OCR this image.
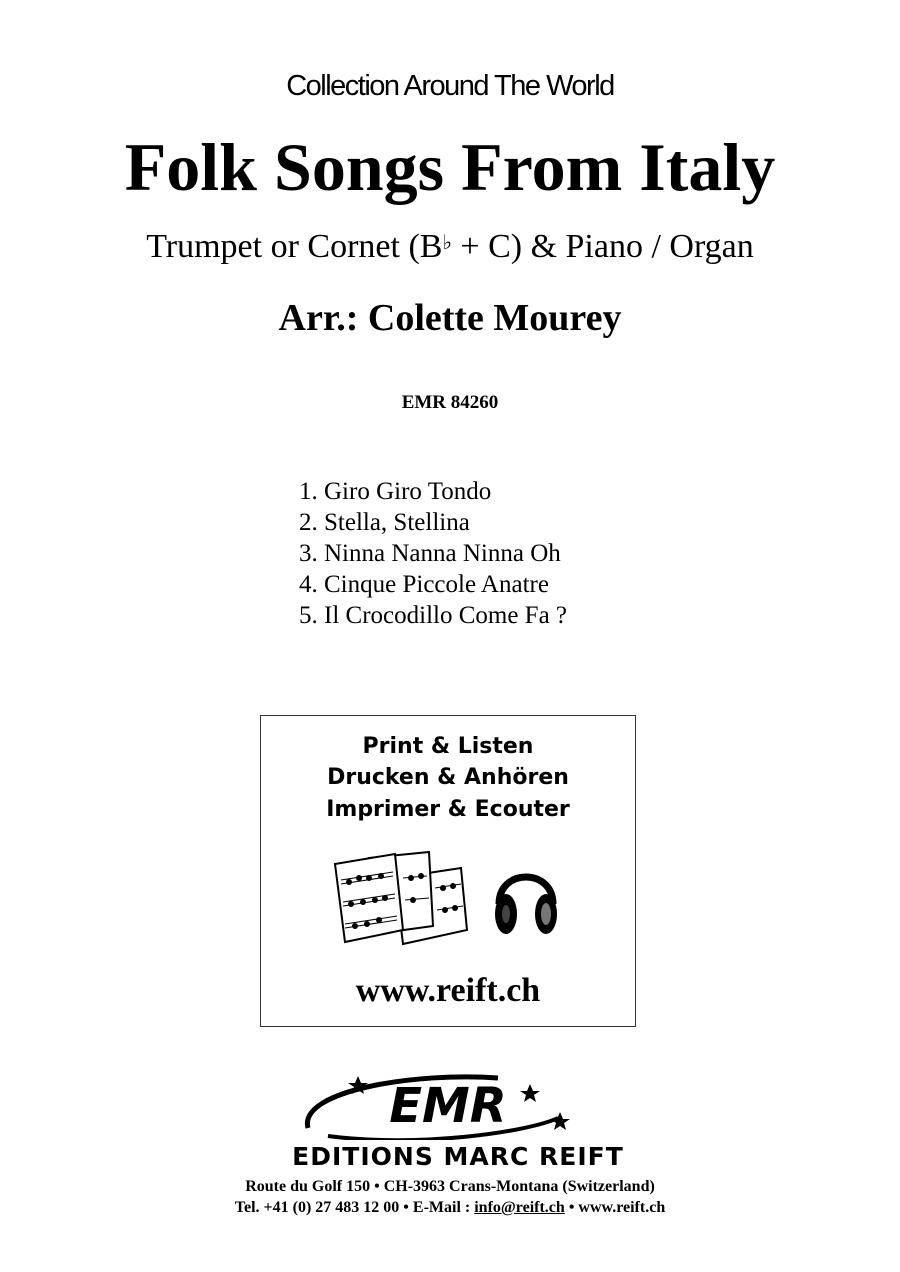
Collection Around The World
Folk Songs From Italy
Trumpet or Cornet (B♭ + C) & Piano / Organ
Arr.: Colette Mourey
EMR 84260
1. Giro Giro Tondo
2. Stella, Stellina
3. Ninna Nanna Ninna Oh
4. Cinque Piccole Anatre
5. Il Crocodillo Come Fa ?
Print & Listen
Drucken & Anhören
Imprimer & Ecouter
www.reift.ch
EMR
EDITIONS MARC REIFT
Route du Golf 150 • CH-3963 Crans-Montana (Switzerland)
Tel. +41 (0) 27 483 12 00 • E-Mail : info@reift.ch • www.reift.ch
